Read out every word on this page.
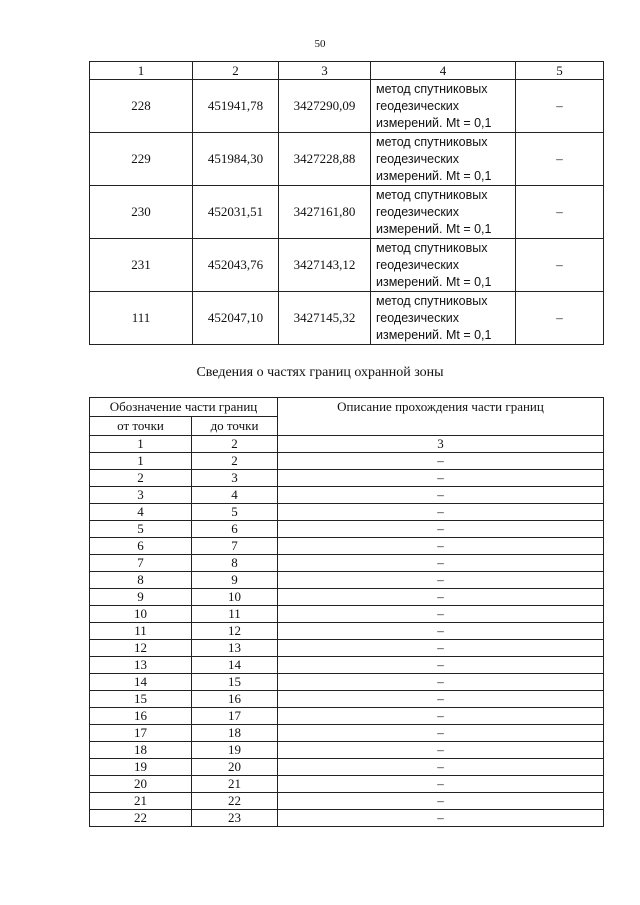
50
1	2	3	4	5
228	451941,78	3427290,09	метод спутниковых
геодезических
измерений. Mt = 0,1	–
229	451984,30	3427228,88	метод спутниковых
геодезических
измерений. Mt = 0,1	–
230	452031,51	3427161,80	метод спутниковых
геодезических
измерений. Mt = 0,1	–
231	452043,76	3427143,12	метод спутниковых
геодезических
измерений. Mt = 0,1	–
111	452047,10	3427145,32	метод спутниковых
геодезических
измерений. Mt = 0,1	–
Сведения о частях границ охранной зоны
Обозначение части границ		Описание прохождения части границ
от точки	до точки	
1	2	3
1	2	–
2	3	–
3	4	–
4	5	–
5	6	–
6	7	–
7	8	–
8	9	–
9	10	–
10	11	–
11	12	–
12	13	–
13	14	–
14	15	–
15	16	–
16	17	–
17	18	–
18	19	–
19	20	–
20	21	–
21	22	–
22	23	–
